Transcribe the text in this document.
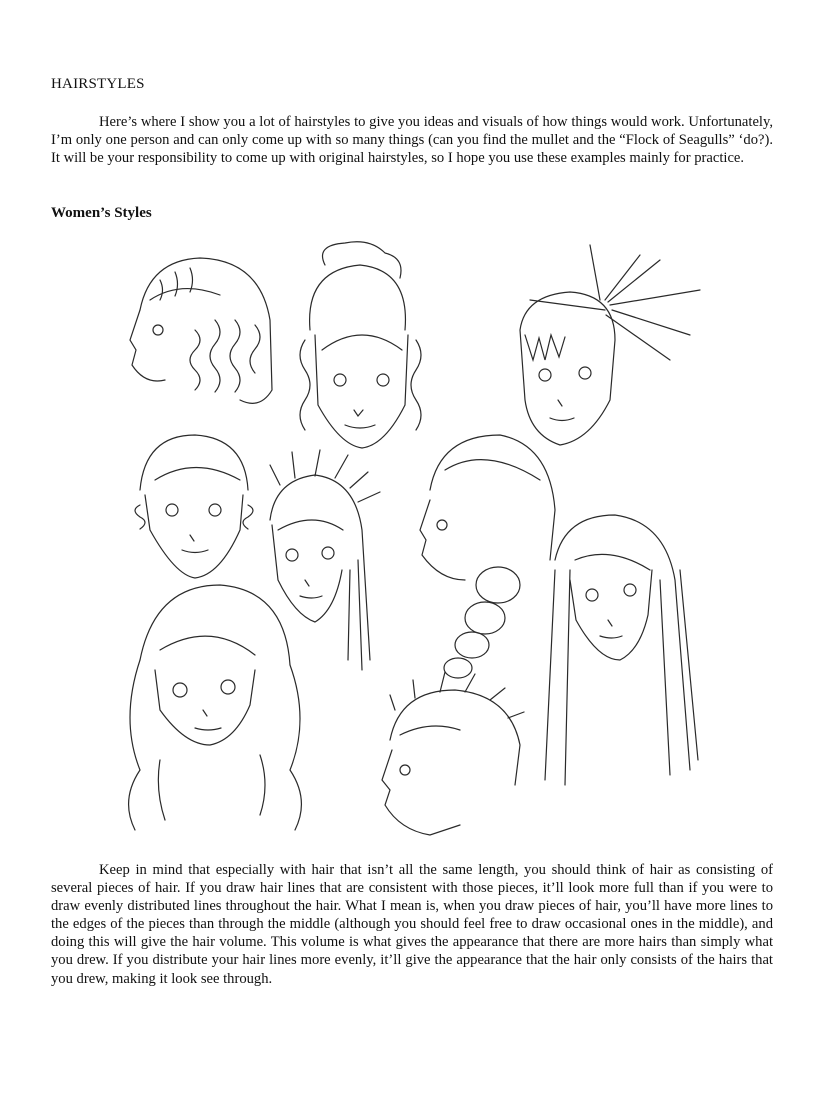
HAIRSTYLES
Here’s where I show you a lot of hairstyles to give you ideas and visuals of how things would work. Unfortunately, I’m only one person and can only come up with so many things (can you find the mullet and the “Flock of Seagulls” ‘do?). It will be your responsibility to come up with original hairstyles, so I hope you use these examples mainly for practice.
Women’s Styles
Keep in mind that especially with hair that isn’t all the same length, you should think of hair as consisting of several pieces of hair. If you draw hair lines that are consistent with those pieces, it’ll look more full than if you were to draw evenly distributed lines throughout the hair. What I mean is, when you draw pieces of hair, you’ll have more lines to the edges of the pieces than through the middle (although you should feel free to draw occasional ones in the middle), and doing this will give the hair volume. This volume is what gives the appearance that there are more hairs than simply what you drew. If you distribute your hair lines more evenly, it’ll give the appearance that the hair only consists of the hairs that you drew, making it look see through.
